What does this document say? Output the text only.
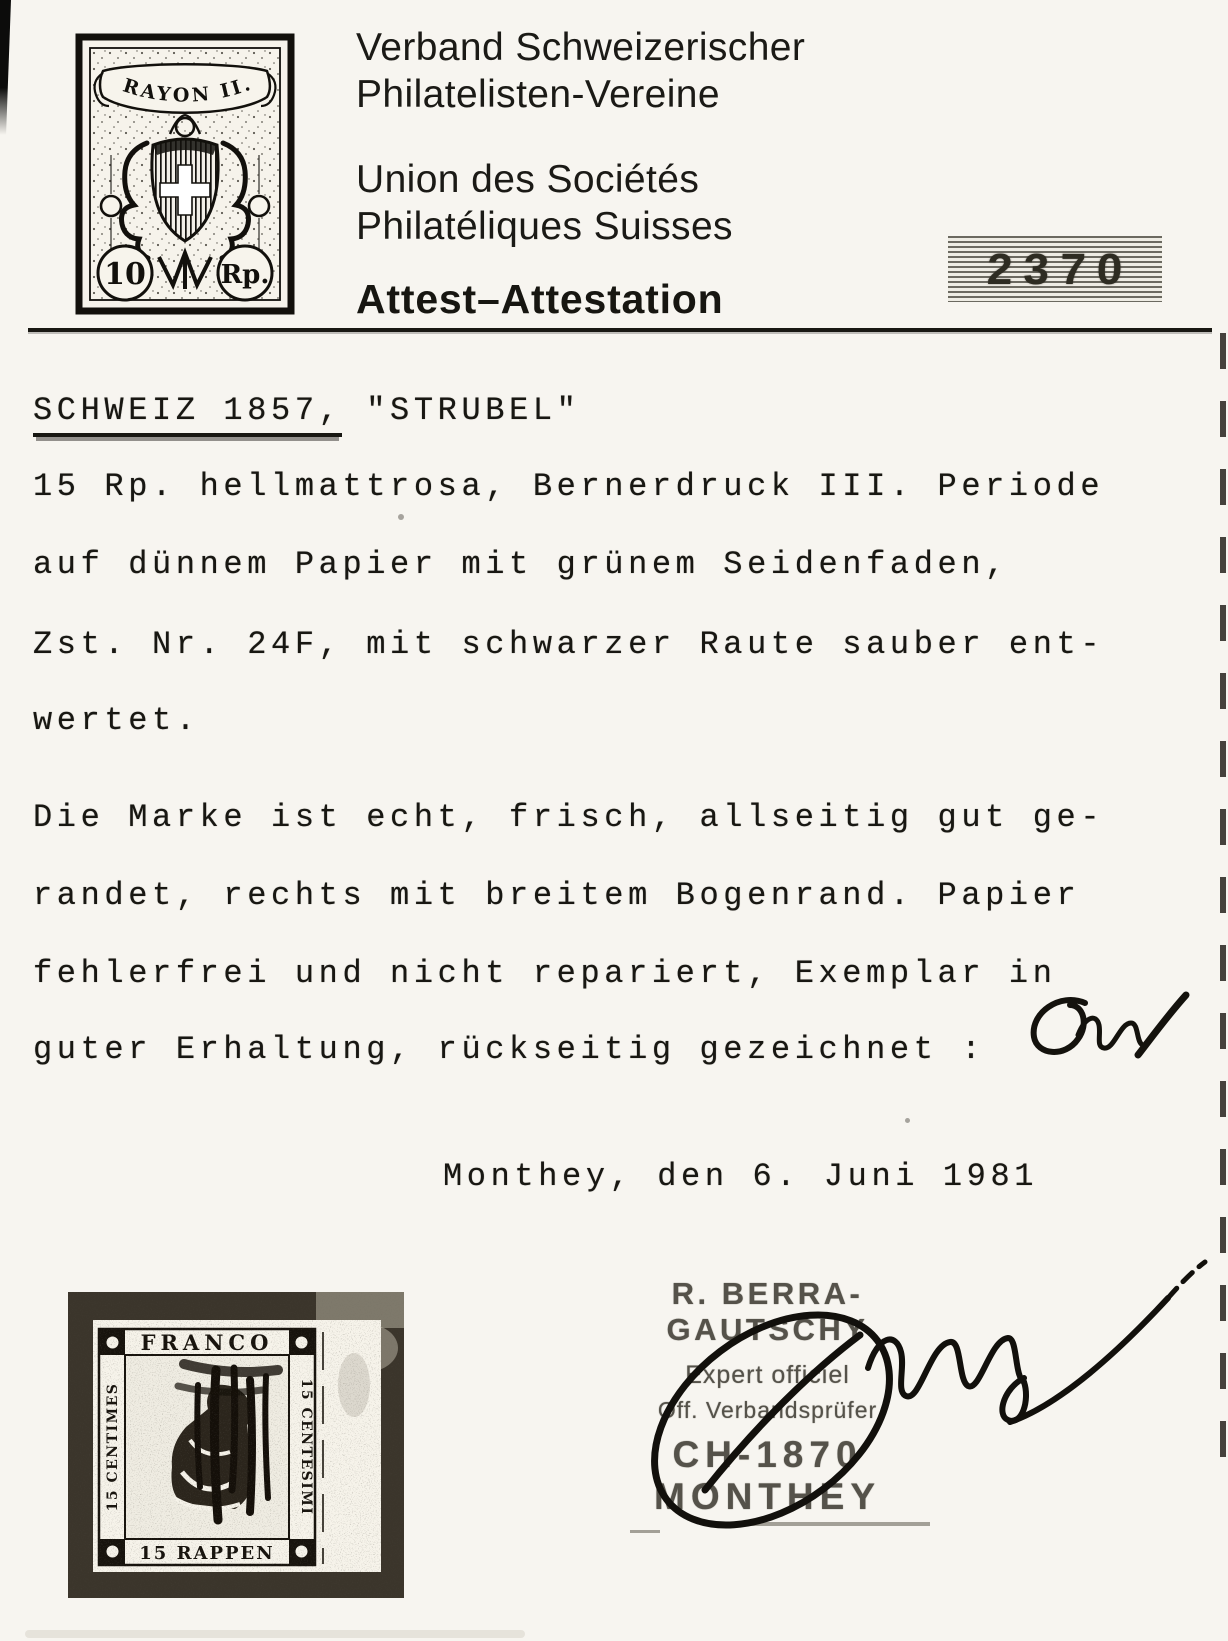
RAYON II.
10	Rp.
Verband Schweizerischer
Philatelisten-Vereine
Union des Sociétés
Philatéliques Suisses
Attest–Attestation
2370
SCHWEIZ 1857, "STRUBEL"
15 Rp. hellmattrosa, Bernerdruck III. Periode
auf dünnem Papier mit grünem Seidenfaden,
Zst. Nr. 24F, mit schwarzer Raute sauber ent-
wertet.
Die Marke ist echt, frisch, allseitig gut ge-
randet, rechts mit breitem Bogenrand. Papier
fehlerfrei und nicht repariert, Exemplar in
guter Erhaltung, rückseitig gezeichnet :
Monthey, den 6. Juni 1981
R. BERRA-GAUTSCHY
Expert officiel
Off. Verbandsprüfer
CH-1870 MONTHEY
